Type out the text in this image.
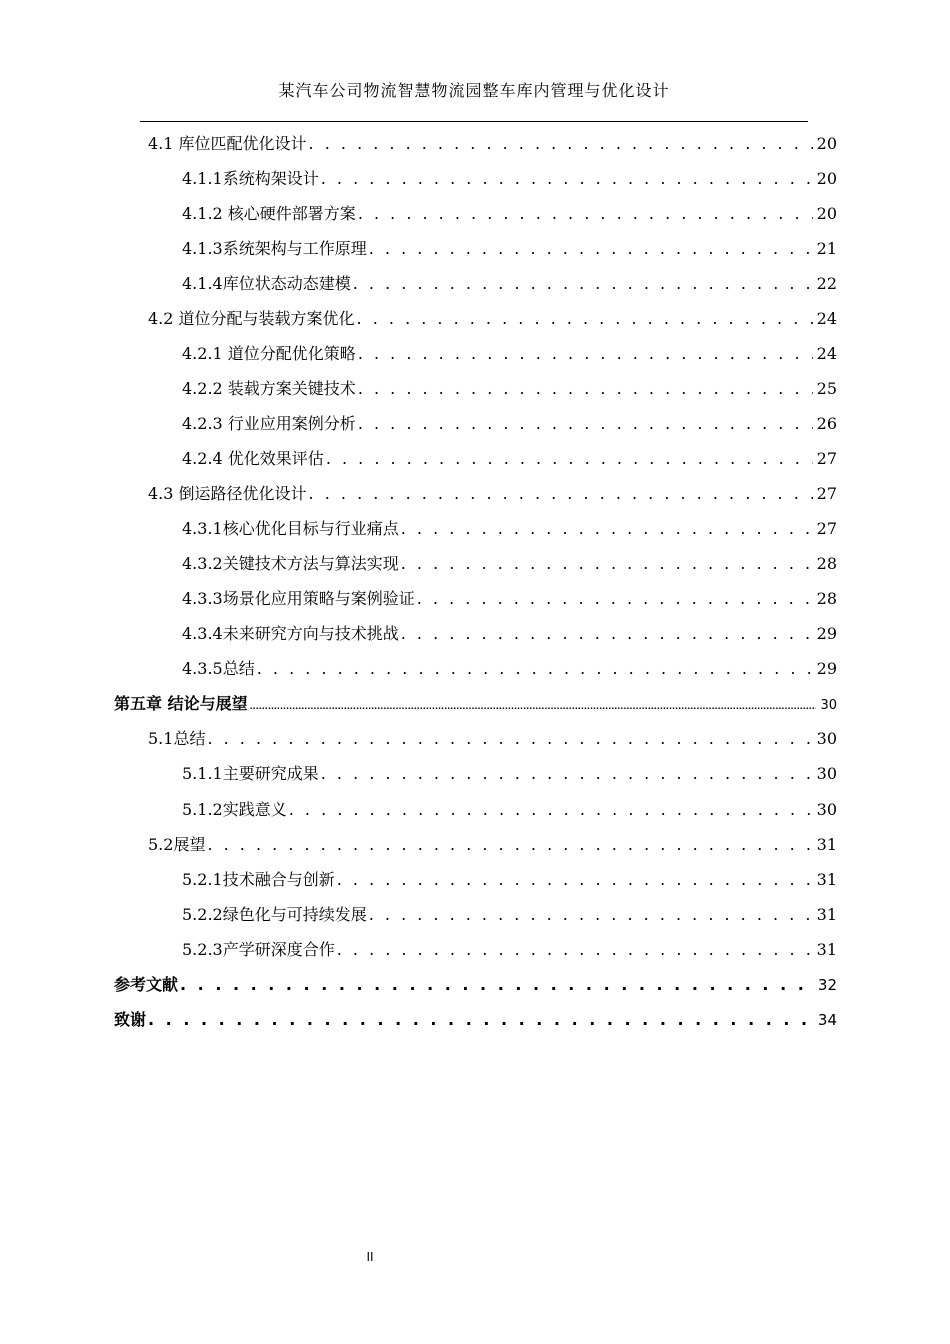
某汽车公司物流智慧物流园整车库内管理与优化设计
4.1 库位匹配优化设计 . . .	20
4.1.1系统构架设计 . . .	20
4.1.2 核心硬件部署方案 . . .	20
4.1.3系统架构与工作原理 . . .	21
4.1.4库位状态动态建模 . . .	22
4.2 道位分配与装载方案优化 . . .	24
4.2.1 道位分配优化策略 . . .	24
4.2.2 装载方案关键技术 . . .	25
4.2.3 行业应用案例分析 . . .	26
4.2.4 优化效果评估 . . .	27
4.3 倒运路径优化设计 . . .	27
4.3.1核心优化目标与行业痛点 . . .	27
4.3.2关键技术方法与算法实现 . . .	28
4.3.3场景化应用策略与案例验证 . . .	28
4.3.4未来研究方向与技术挑战 . . .	29
4.3.5总结 . . .	29
第五章 结论与展望 .....	30
5.1总结 . . .	30
5.1.1主要研究成果 . . .	30
5.1.2实践意义 . . .	30
5.2展望 . . .	31
5.2.1技术融合与创新 . . .	31
5.2.2绿色化与可持续发展 . . .	31
5.2.3产学研深度合作 . . .	31
参考文献 . . .	32
致谢 . . .	34
II
